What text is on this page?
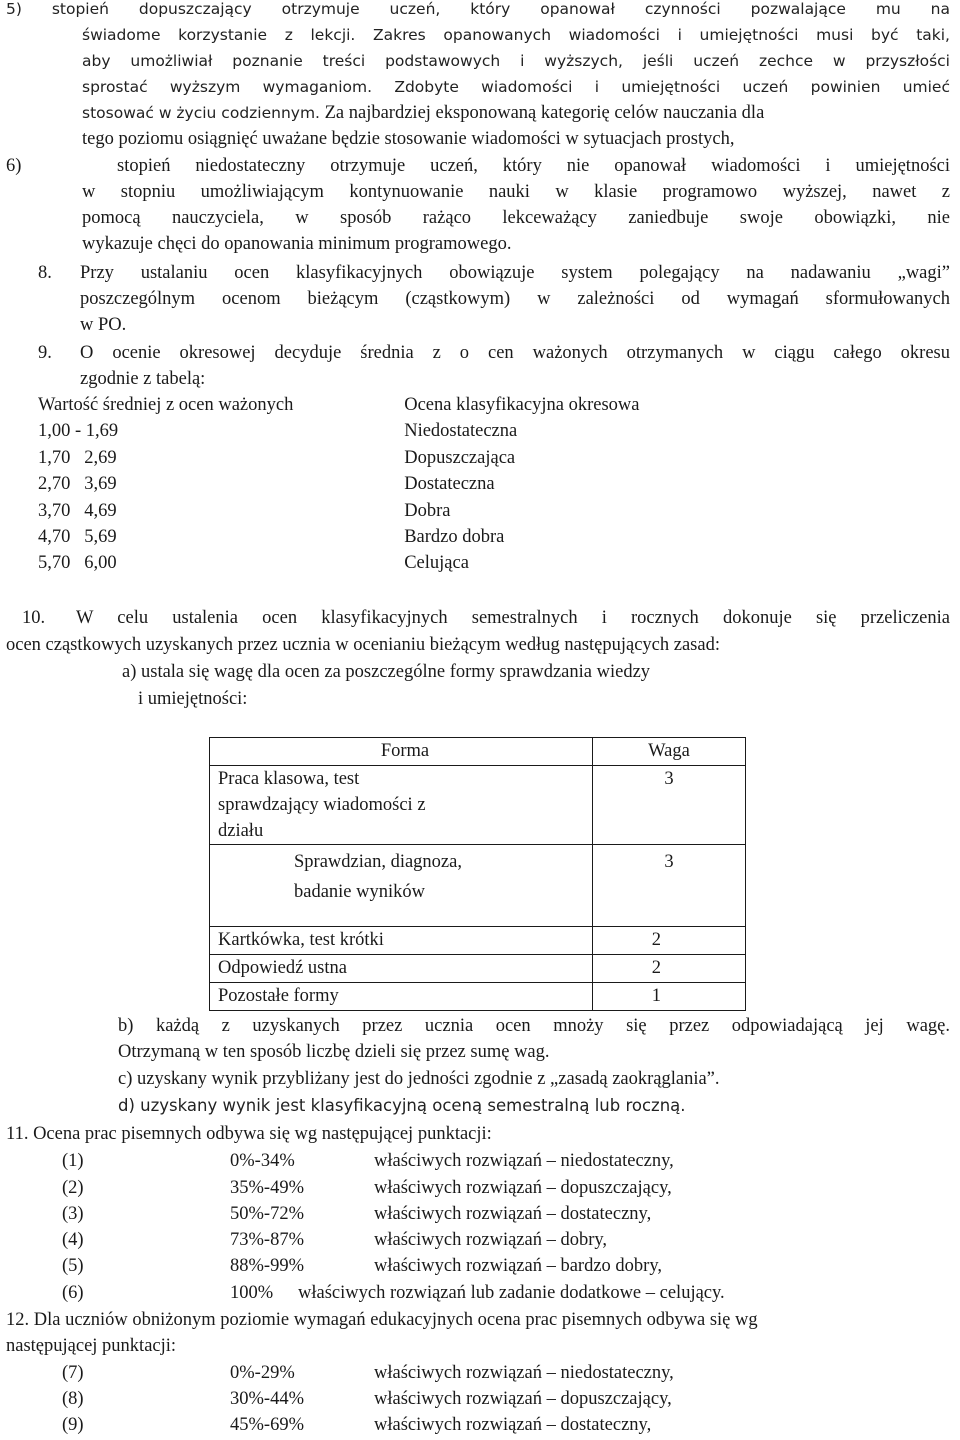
5) stopień dopuszczający otrzymuje uczeń, który opanował czynności pozwalające mu na
świadome korzystanie z lekcji. Zakres opanowanych wiadomości i umiejętności musi być taki,
aby umożliwiał poznanie treści podstawowych i wyższych, jeśli uczeń zechce w przyszłości
sprostać wyższym wymaganiom. Zdobyte wiadomości i umiejętności uczeń powinien umieć
stosować w życiu codziennym. Za najbardziej eksponowaną kategorię celów nauczania dla
tego poziomu osiągnięć uważane będzie stosowanie wiadomości w sytuacjach prostych,
6)	stopień niedostateczny otrzymuje uczeń, który nie opanował wiadomości i umiejętności
w stopniu umożliwiającym kontynuowanie nauki w klasie programowo wyższej, nawet z
pomocą nauczyciela, w sposób rażąco lekceważący zaniedbuje swoje obowiązki, nie
wykazuje chęci do opanowania minimum programowego.
8. Przy ustalaniu ocen klasyfikacyjnych obowiązuje system polegający na nadawaniu „wagi”
poszczególnym ocenom bieżącym (cząstkowym) w zależności od wymagań sformułowanych
w PO.
9. O ocenie okresowej decyduje średnia z o cen ważonych otrzymanych w ciągu całego okresu
zgodnie z tabelą:
Wartość średniej z ocen ważonych	Ocena klasyfikacyjna okresowa
1,00 - 1,69	Niedostateczna
1,70   2,69	Dopuszczająca
2,70   3,69	Dostateczna
3,70   4,69	Dobra
4,70   5,69	Bardzo dobra
5,70   6,00	Celująca
10. W celu ustalenia ocen klasyfikacyjnych semestralnych i rocznych dokonuje się przeliczenia
ocen cząstkowych uzyskanych przez ucznia w ocenianiu bieżącym według następujących zasad:
a) ustala się wagę dla ocen za poszczególne formy sprawdzania wiedzy
i umiejętności:
Forma	Waga
Praca klasowa, test sprawdzający wiadomości z działu	3

Sprawdzian, diagnoza,
badanie wyników	3
Kartkówka, test krótki	2
Odpowiedź ustna	2
Pozostałe formy	1
b) każdą z uzyskanych przez ucznia ocen mnoży się przez odpowiadającą jej wagę.
Otrzymaną w ten sposób liczbę dzieli się przez sumę wag.
c) uzyskany wynik przybliżany jest do jedności zgodnie z „zasadą zaokrąglania”.
d) uzyskany wynik jest klasyfikacyjną oceną semestralną lub roczną.
11. Ocena prac pisemnych odbywa się wg następującej punktacji:
(1)	0%-34%	właściwych rozwiązań – niedostateczny,
(2)	35%-49%	właściwych rozwiązań – dopuszczający,
(3)	50%-72%	właściwych rozwiązań – dostateczny,
(4)	73%-87%	właściwych rozwiązań – dobry,
(5)	88%-99%	właściwych rozwiązań – bardzo dobry,
(6)	100% właściwych rozwiązań lub zadanie dodatkowe – celujący.
12. Dla uczniów obniżonym poziomie wymagań edukacyjnych ocena prac pisemnych odbywa się wg
następującej punktacji:
(7)	0%-29%	właściwych rozwiązań – niedostateczny,
(8)	30%-44%	właściwych rozwiązań – dopuszczający,
(9)	45%-69%	właściwych rozwiązań – dostateczny,
